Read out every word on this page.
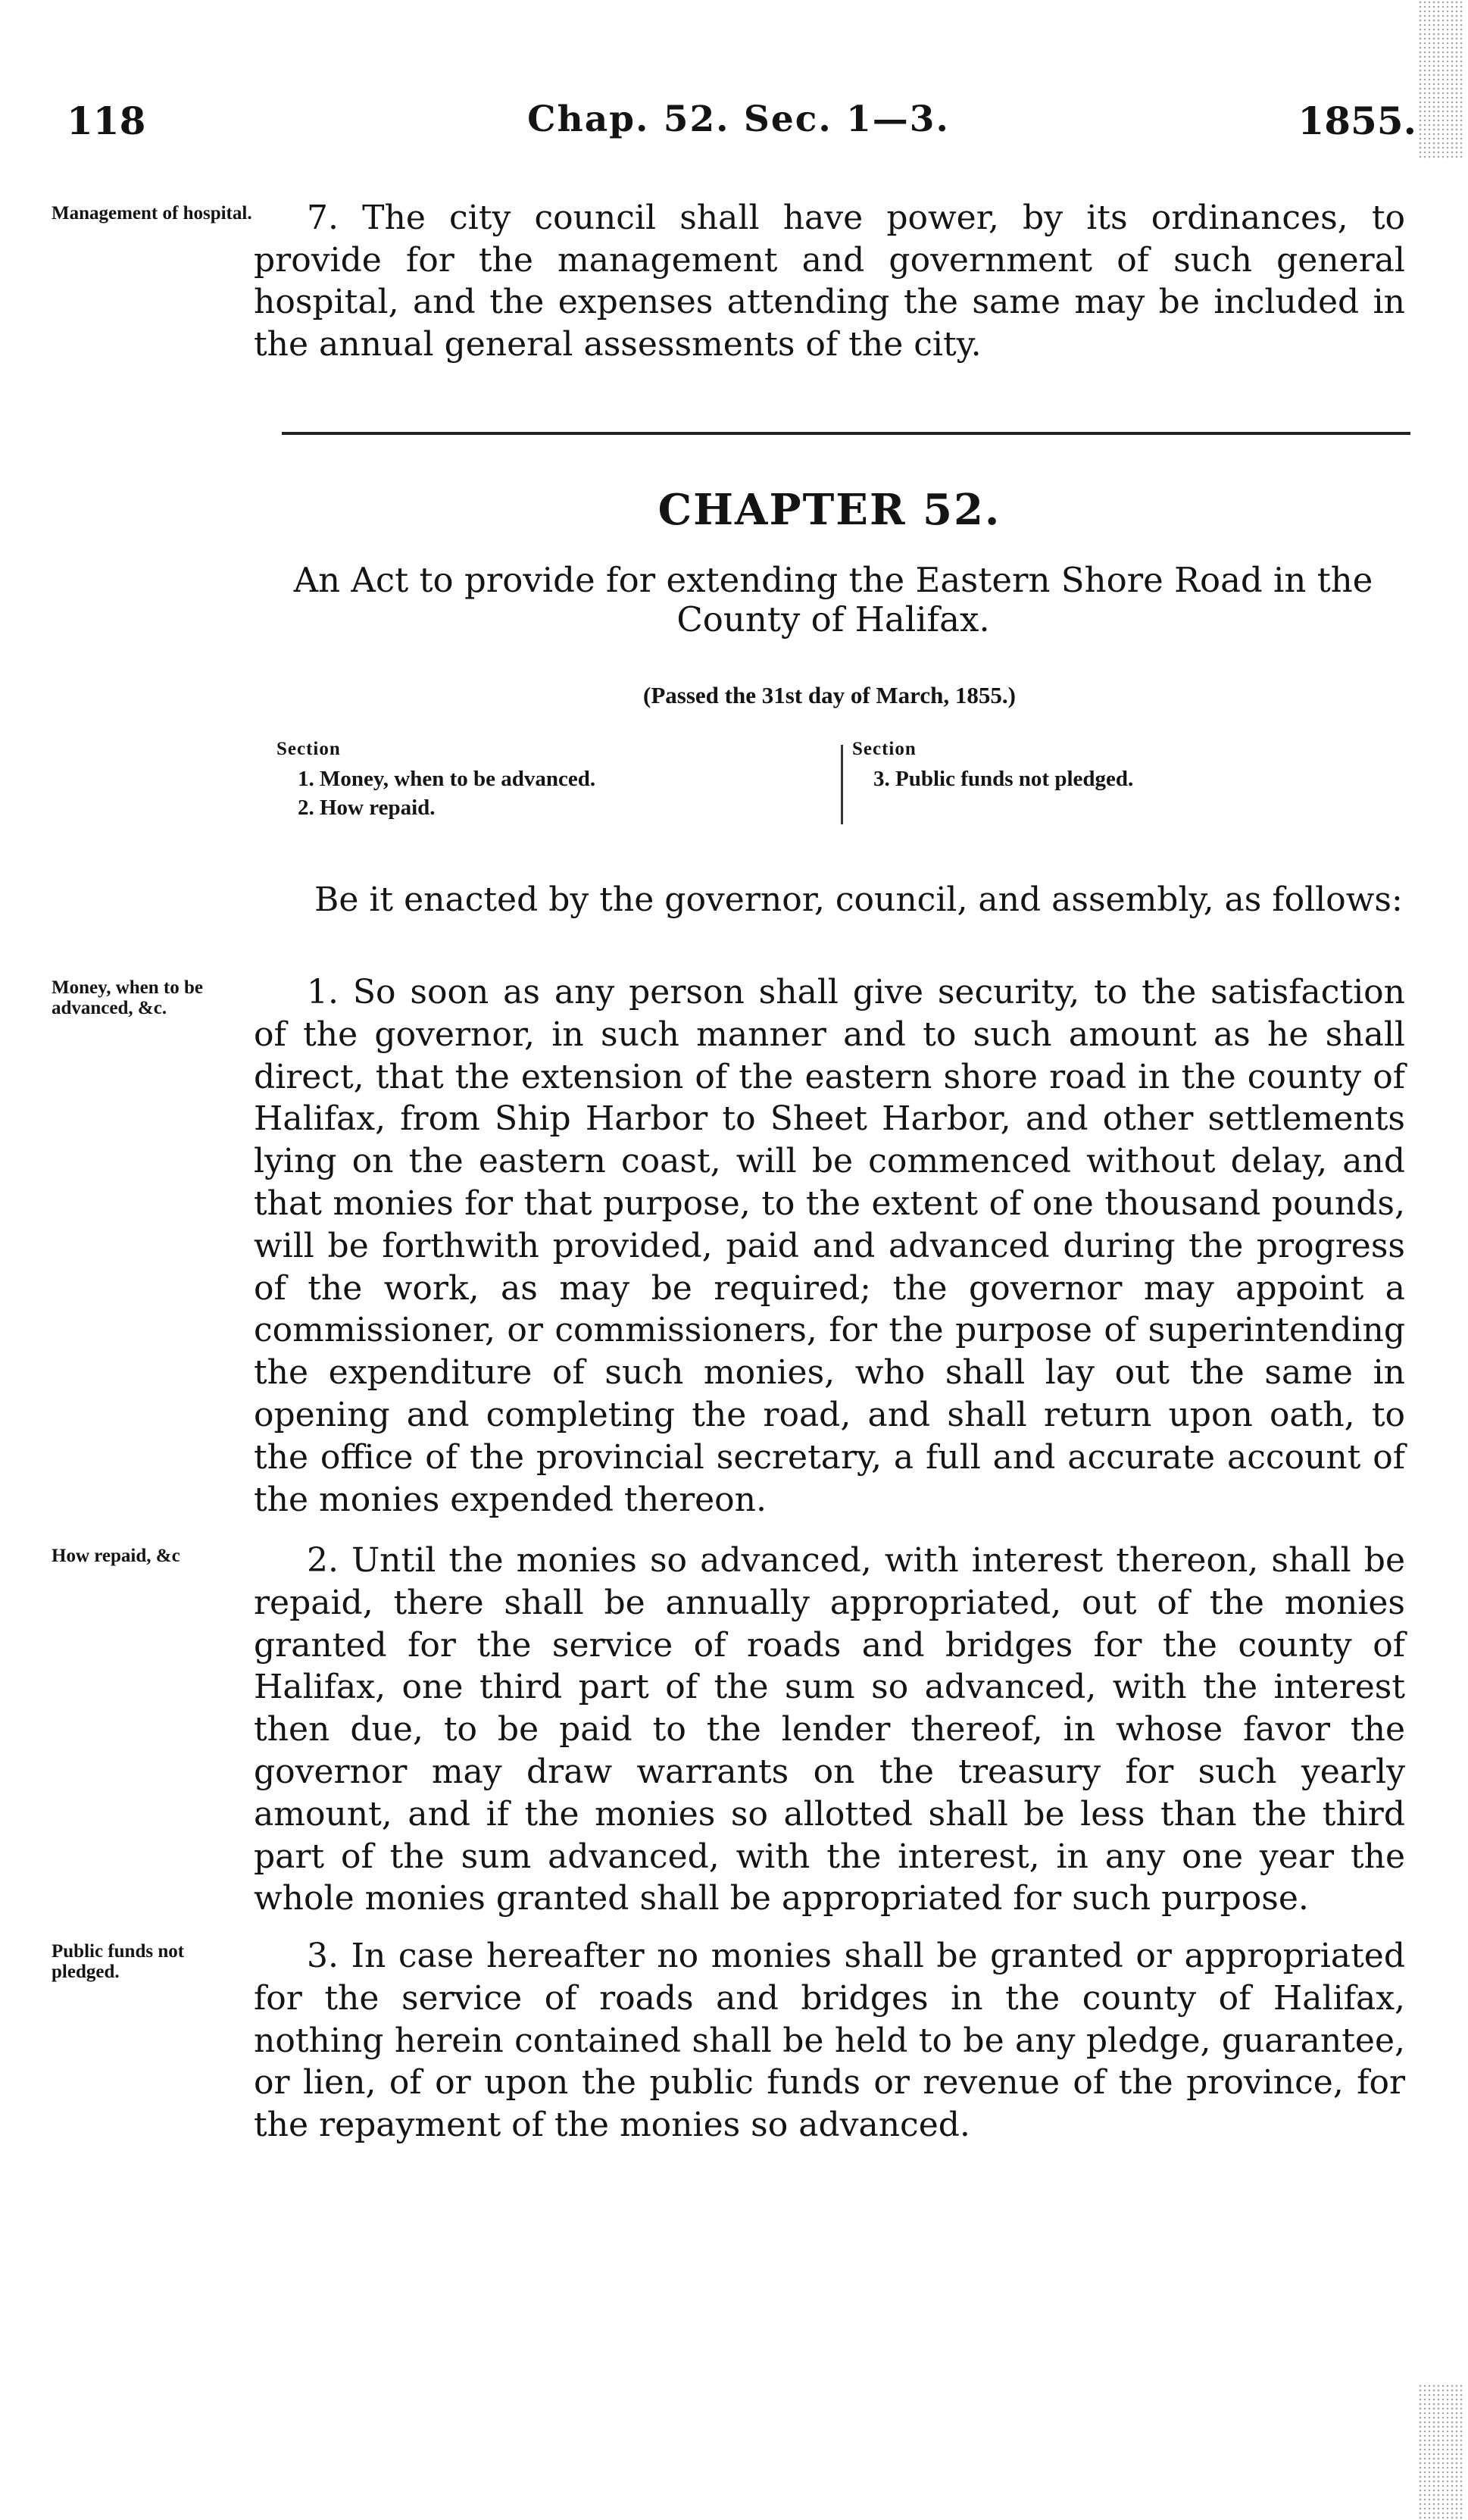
118	Chap. 52. Sec. 1—3.	1855.
Management of hospital.	7. The city council shall have power, by its ordinances, to provide for the management and government of such general hospital, and the expenses attending the same may be included in the annual general assessments of the city.

CHAPTER 52.
An Act to provide for extending the Eastern Shore Road in the County of Halifax.
(Passed the 31st day of March, 1855.)
Section
1. Money, when to be advanced.
2. How repaid.
Section
3. Public funds not pledged.

Be it enacted by the governor, council, and assembly, as follows:

Money, when to be advanced, &c.	1. So soon as any person shall give security, to the satisfaction of the governor, in such manner and to such amount as he shall direct, that the extension of the eastern shore road in the county of Halifax, from Ship Harbor to Sheet Harbor, and other settlements lying on the eastern coast, will be commenced without delay, and that monies for that purpose, to the extent of one thousand pounds, will be forthwith provided, paid and advanced during the progress of the work, as may be required; the governor may appoint a commissioner, or commissioners, for the purpose of superintending the expenditure of such monies, who shall lay out the same in opening and completing the road, and shall return upon oath, to the office of the provincial secretary, a full and accurate account of the monies expended thereon.

How repaid, &c	2. Until the monies so advanced, with interest thereon, shall be repaid, there shall be annually appropriated, out of the monies granted for the service of roads and bridges for the county of Halifax, one third part of the sum so advanced, with the interest then due, to be paid to the lender thereof, in whose favor the governor may draw warrants on the treasury for such yearly amount, and if the monies so allotted shall be less than the third part of the sum advanced, with the interest, in any one year the whole monies granted shall be appropriated for such purpose.

Public funds not pledged.	3. In case hereafter no monies shall be granted or appropriated for the service of roads and bridges in the county of Halifax, nothing herein contained shall be held to be any pledge, guarantee, or lien, of or upon the public funds or revenue of the province, for the repayment of the monies so advanced.
